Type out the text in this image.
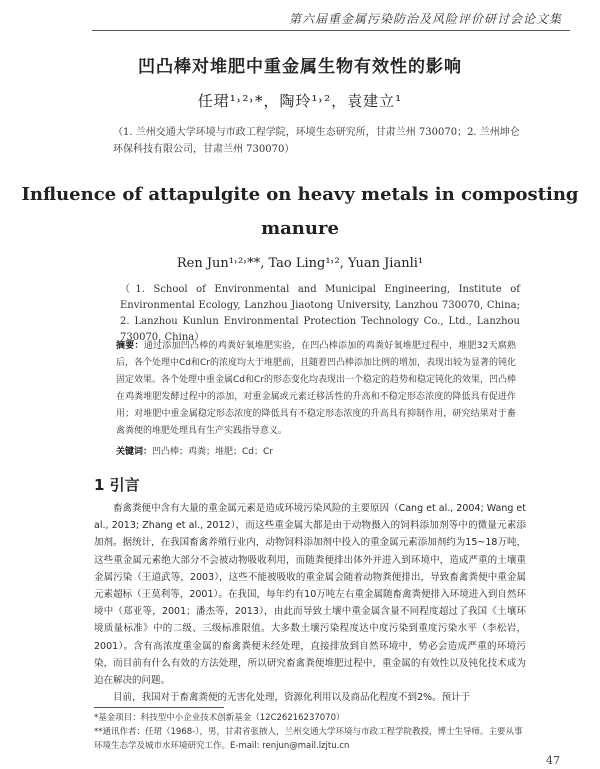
第六届重金属污染防治及风险评价研讨会论文集
凹凸棒对堆肥中重金属生物有效性的影响
任珺¹˒²˒*，陶玲¹˒²，袁建立¹
（1. 兰州交通大学环境与市政工程学院，环境生态研究所，甘肃兰州 730070；2. 兰州坤仑环保科技有限公司，甘肃兰州 730070）
Influence of attapulgite on heavy metals in composting
manure
Ren Jun¹˒²˒**, Tao Ling¹˒², Yuan Jianli¹
（1. School of Environmental and Municipal Engineering, Institute of Environmental Ecology, Lanzhou Jiaotong University, Lanzhou 730070, China; 2. Lanzhou Kunlun Environmental Protection Technology Co., Ltd., Lanzhou 730070, China）
摘要：通过添加凹凸棒的鸡粪好氧堆肥实验，在凹凸棒添加的鸡粪好氧堆肥过程中，堆肥32天腐熟后，各个处理中Cd和Cr的浓度均大于堆肥前，且随着凹凸棒添加比例的增加，表现出较为显著的钝化固定效果。各个处理中重金属Cd和Cr的形态变化均表现出一个稳定的趋势和稳定钝化的效果，凹凸棒在鸡粪堆肥发酵过程中的添加，对重金属或元素迁移活性的升高和不稳定形态浓度的降低具有促进作用；对堆肥中重金属稳定形态浓度的降低具有不稳定形态浓度的升高具有抑制作用，研究结果对于畜禽粪便的堆肥处理具有生产实践指导意义。
关键词：凹凸棒；鸡粪；堆肥；Cd；Cr
1 引言

畜禽粪便中含有大量的重金属元素是造成环境污染风险的主要原因（Cang et al., 2004; Wang et al., 2013; Zhang et al., 2012），而这些重金属大都是由于动物摄入的饲料添加剂等中的微量元素添加剂。据统计，在我国畜禽养殖行业内，动物饲料添加剂中投入的重金属元素添加剂约为15~18万吨，这些重金属元素绝大部分不会被动物吸收利用，而随粪便排出体外并进入到环境中，造成严重的土壤重金属污染（王道武等，2003），这些不能被吸收的重金属会随着动物粪便排出，导致畜禽粪便中重金属元素超标（王莫利等，2001）。在我国，每年约有10万吨左右重金属随畜禽粪便排入环境进入到自然环境中（郑亚等，2001；潘杰等，2013），由此而导致土壤中重金属含量不同程度超过了我国《土壤环境质量标准》中的二级、三级标准限值。大多数土壤污染程度达中度污染到重度污染水平（李松岩，2001）。含有高浓度重金属的畜禽粪便未经处理，直接排放到自然环境中，势必会造成严重的环境污染，而目前有什么有效的方法处理，所以研究畜禽粪便堆肥过程中，重金属的有效性以及钝化技术成为迫在解决的问题。

目前，我国对于畜禽粪便的无害化处理，资源化利用以及商品化程度不到2%。预计于

*基金项目：科技型中小企业技术创新基金（12C26216237070）

**通讯作者：任珺（1968-），男，甘肃省张掖人，兰州交通大学环境与市政工程学院教授，博士生导师。主要从事环境生态学及城市水环境研究工作。E-mail: renjun@mail.lzjtu.cn

47
